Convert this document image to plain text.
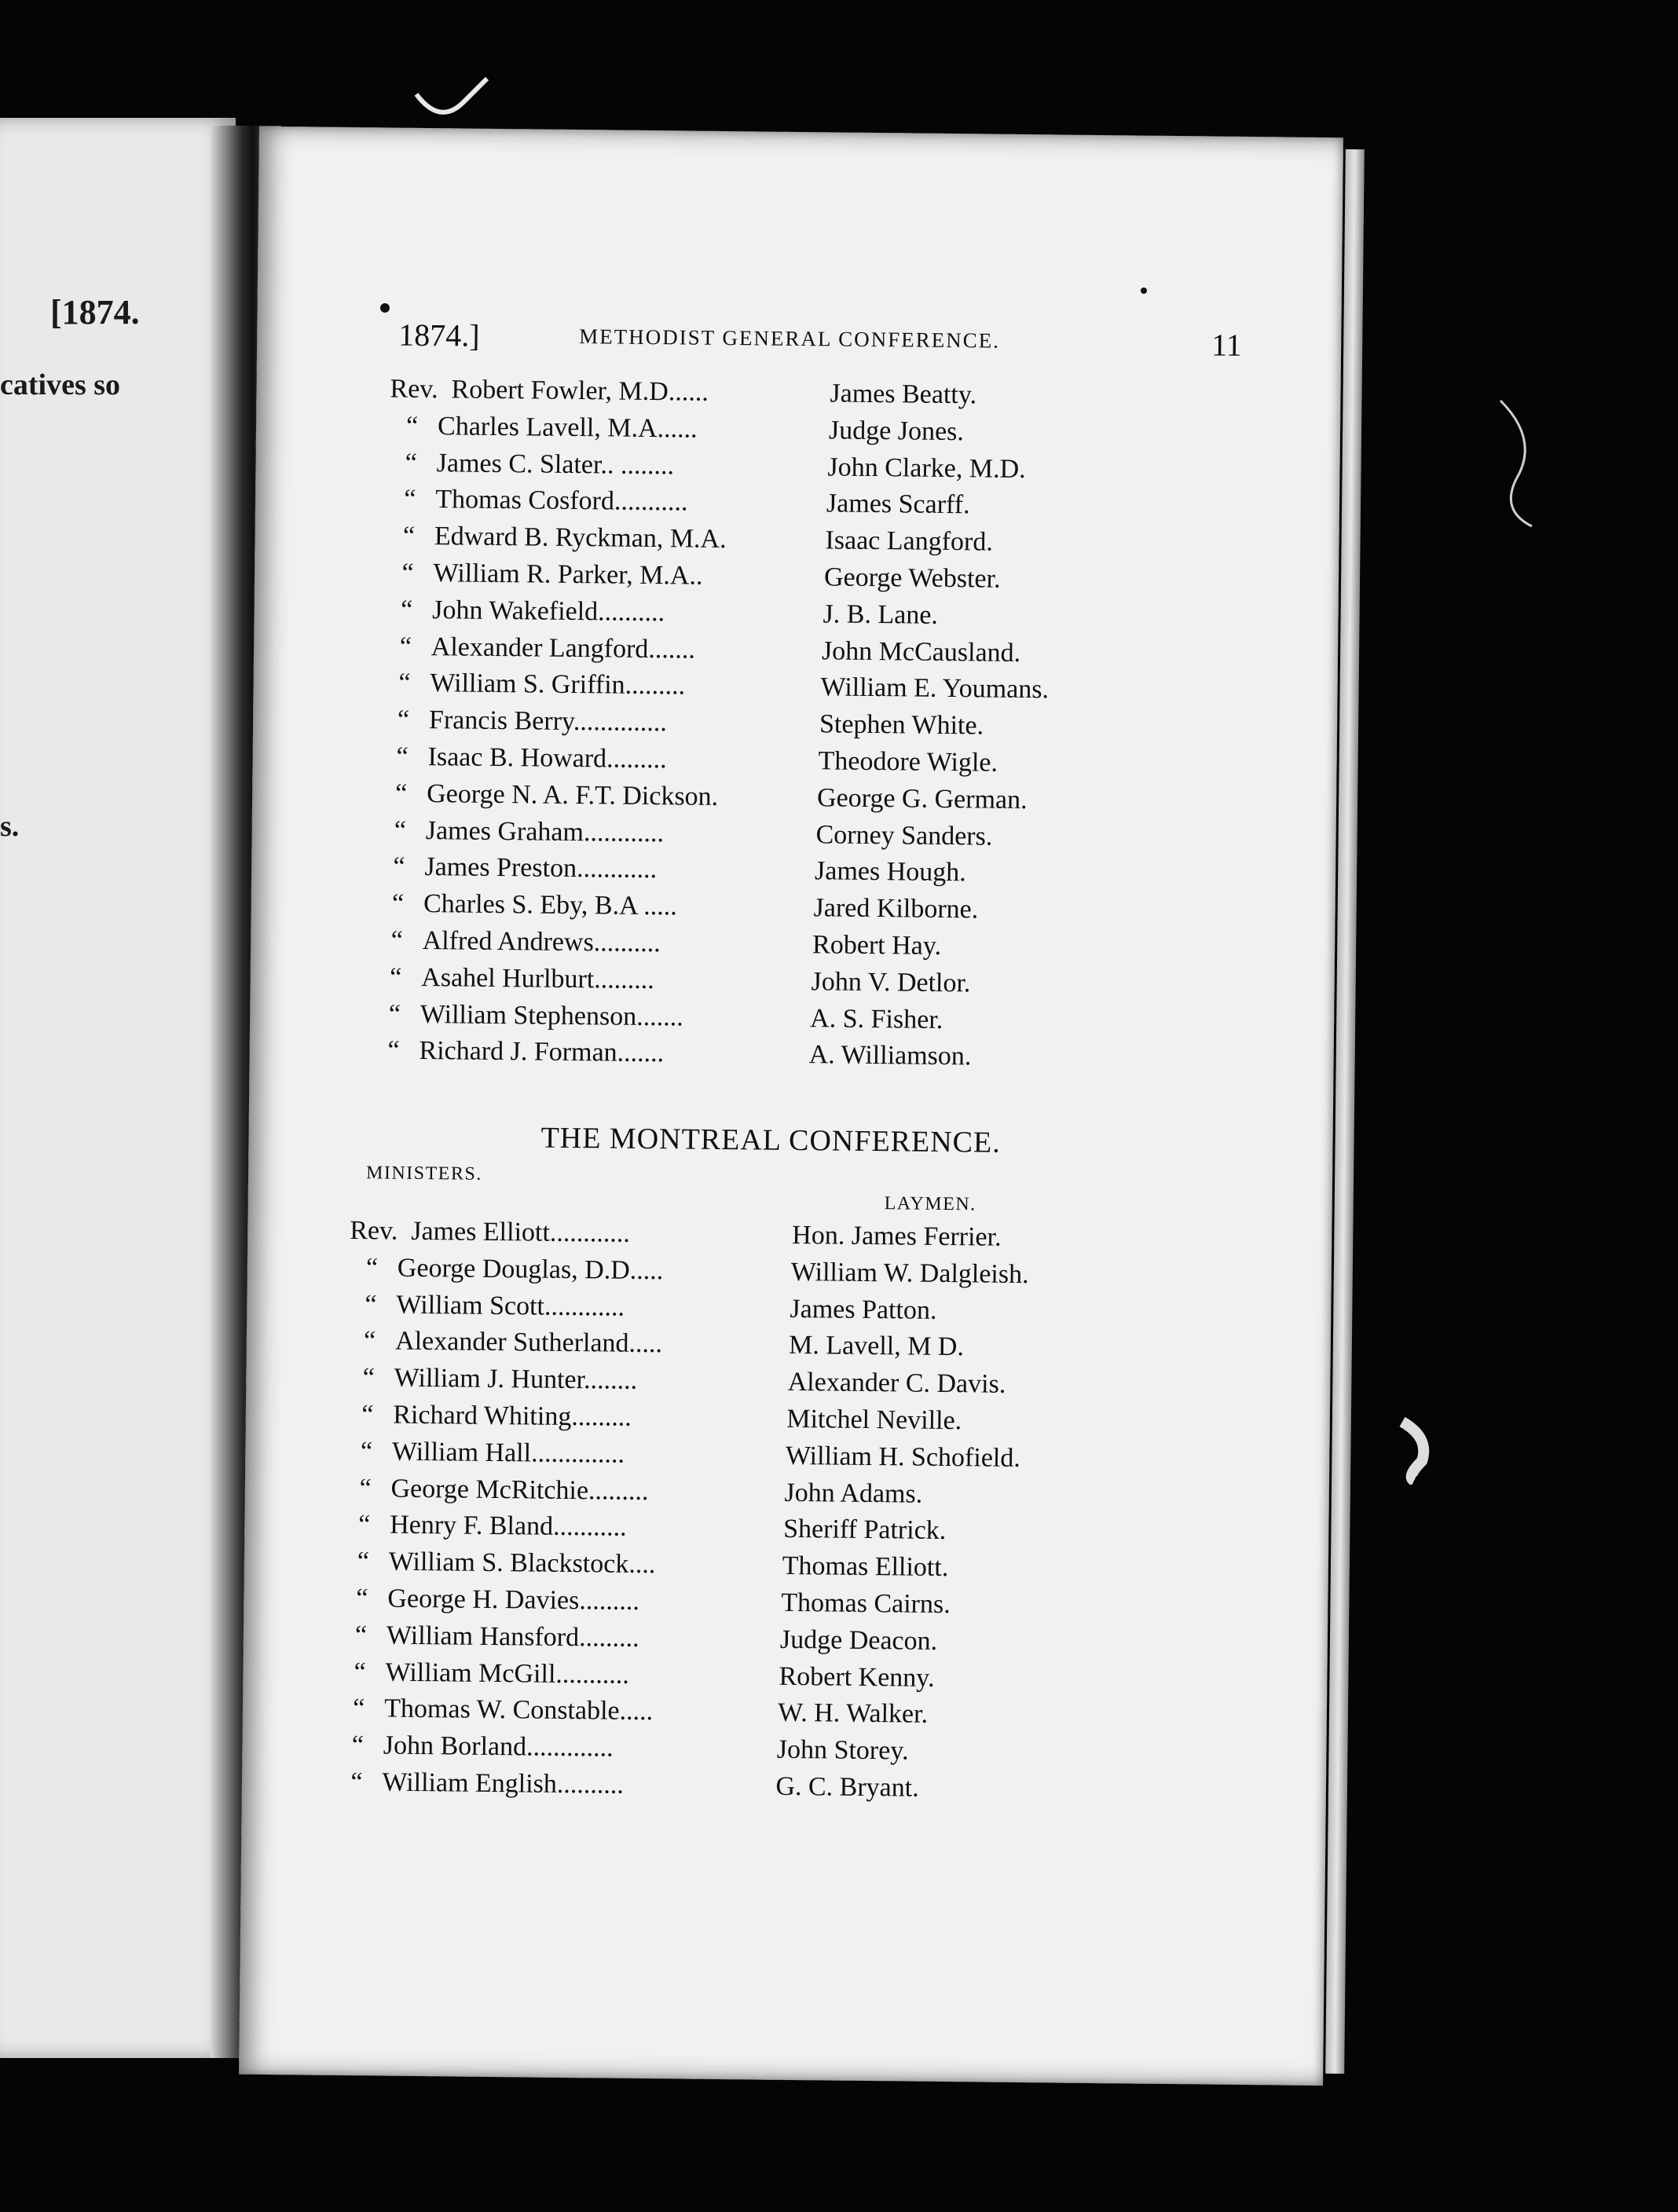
[1874.
catives so
s.
1874.]	METHODIST GENERAL CONFERENCE.	11
Rev. Robert Fowler, M.D......	James Beatty.
“ Charles Lavell, M.A......	Judge Jones.
“ James C. Slater.. ........	John Clarke, M.D.
“ Thomas Cosford...........	James Scarff.
“ Edward B. Ryckman, M.A.	Isaac Langford.
“ William R. Parker, M.A..	George Webster.
“ John Wakefield..........	J. B. Lane.
“ Alexander Langford.......	John McCausland.
“ William S. Griffin.........	William E. Youmans.
“ Francis Berry..............	Stephen White.
“ Isaac B. Howard.........	Theodore Wigle.
“ George N. A. F.T. Dickson.	George G. German.
“ James Graham............	Corney Sanders.
“ James Preston............	James Hough.
“ Charles S. Eby, B.A .....	Jared Kilborne.
“ Alfred Andrews..........	Robert Hay.
“ Asahel Hurlburt.........	John V. Detlor.
“ William Stephenson.......	A. S. Fisher.
“ Richard J. Forman.......	A. Williamson.
THE MONTREAL CONFERENCE.
MINISTERS.
LAYMEN.
Rev. James Elliott............	Hon. James Ferrier.
“ George Douglas, D.D.....	William W. Dalgleish.
“ William Scott............	James Patton.
“ Alexander Sutherland.....	M. Lavell, M D.
“ William J. Hunter........	Alexander C. Davis.
“ Richard Whiting.........	Mitchel Neville.
“ William Hall..............	William H. Schofield.
“ George McRitchie.........	John Adams.
“ Henry F. Bland...........	Sheriff Patrick.
“ William S. Blackstock....	Thomas Elliott.
“ George H. Davies.........	Thomas Cairns.
“ William Hansford.........	Judge Deacon.
“ William McGill...........	Robert Kenny.
“ Thomas W. Constable.....	W. H. Walker.
“ John Borland.............	John Storey.
“ William English..........	G. C. Bryant.
